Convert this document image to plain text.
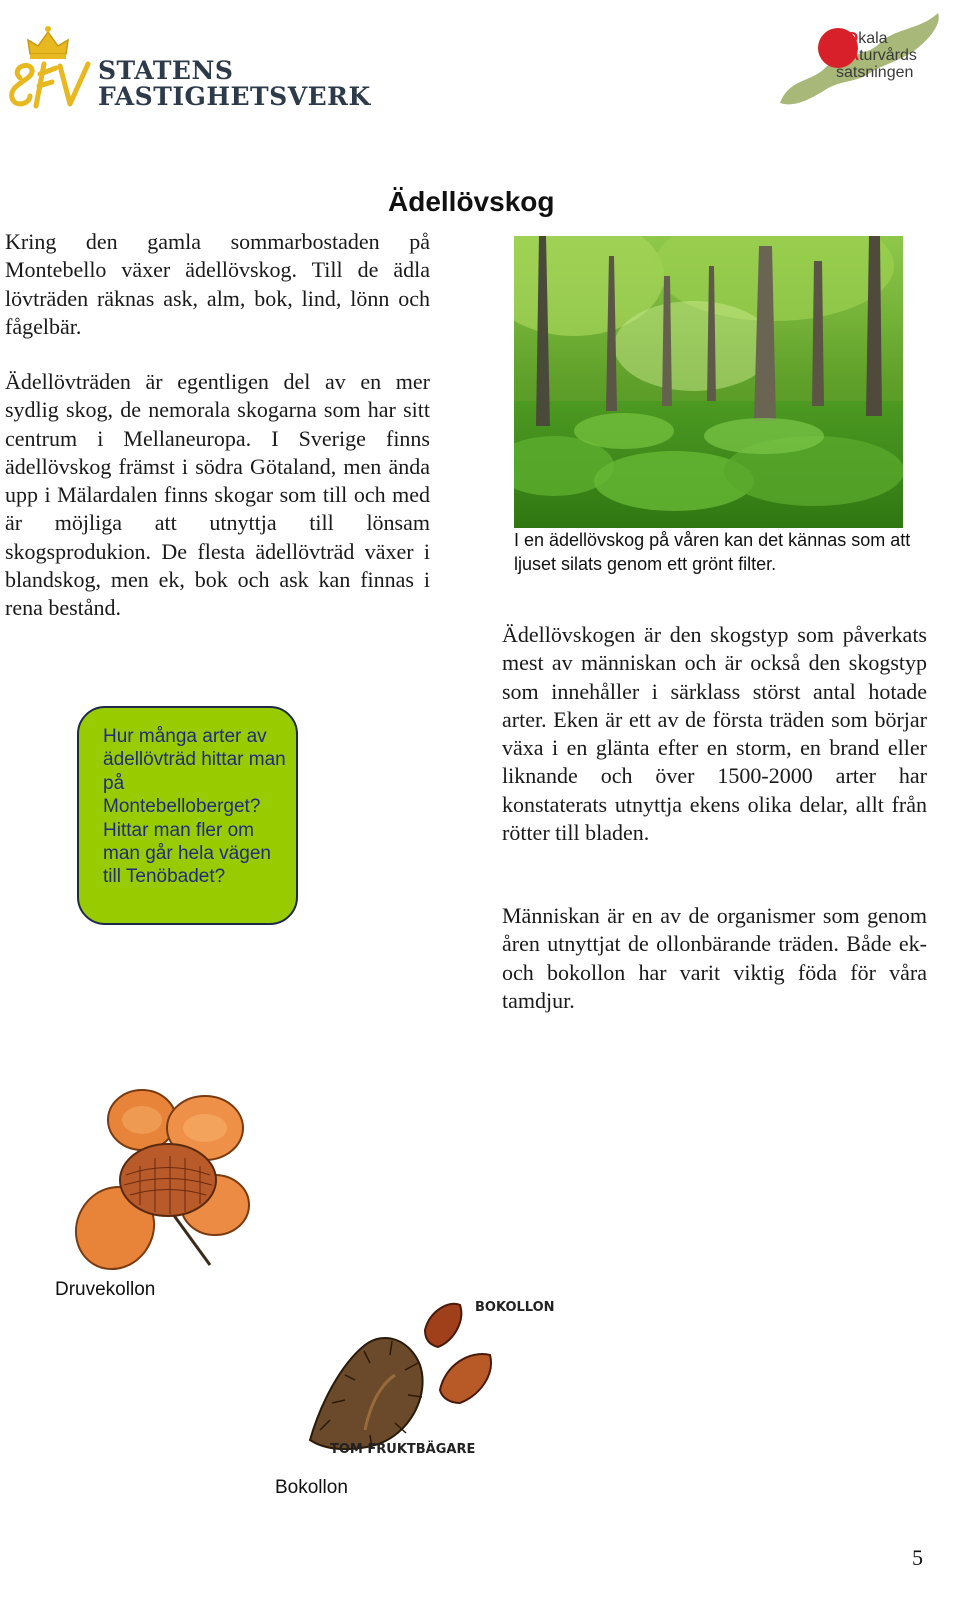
STATENS
FASTIGHETSVERK
LOkala
NAturvårds
satsningen
Ädellövskog
Kring den gamla sommarbostaden på Montebello växer ädellövskog. Till de ädla lövträden räknas ask, alm, bok, lind, lönn och fågelbär.
Ädellövträden är egentligen del av en mer sydlig skog, de nemorala skogarna som har sitt centrum i Mellaneuropa. I Sverige finns ädellövskog främst i södra Götaland, men ända upp i Mälardalen finns skogar som till och med är möjliga att utnyttja till lönsam skogsprodukion. De flesta ädellövträd växer i blandskog, men ek, bok och ask kan finnas i rena bestånd.
I en ädellövskog på våren kan det kännas som att ljuset silats genom ett grönt filter.
Ädellövskogen är den skogstyp som påverkats mest av människan och är också den skogstyp som innehåller i särklass störst antal hotade arter. Eken är ett av de första träden som börjar växa i en glänta efter en storm, en brand eller liknande och över 1500-2000 arter har konstaterats utnyttja ekens olika delar, allt från rötter till bladen.
Människan är en av de organismer som genom åren utnyttjat de ollonbärande träden. Både ek- och bokollon har varit viktig föda för våra tamdjur.
Hur många arter av ädellövträd hittar man på Montebelloberget? Hittar man fler om man går hela vägen till Tenöbadet?
Druvekollon
BOKOLLON
TOM FRUKTBÄGARE
Bokollon
5
